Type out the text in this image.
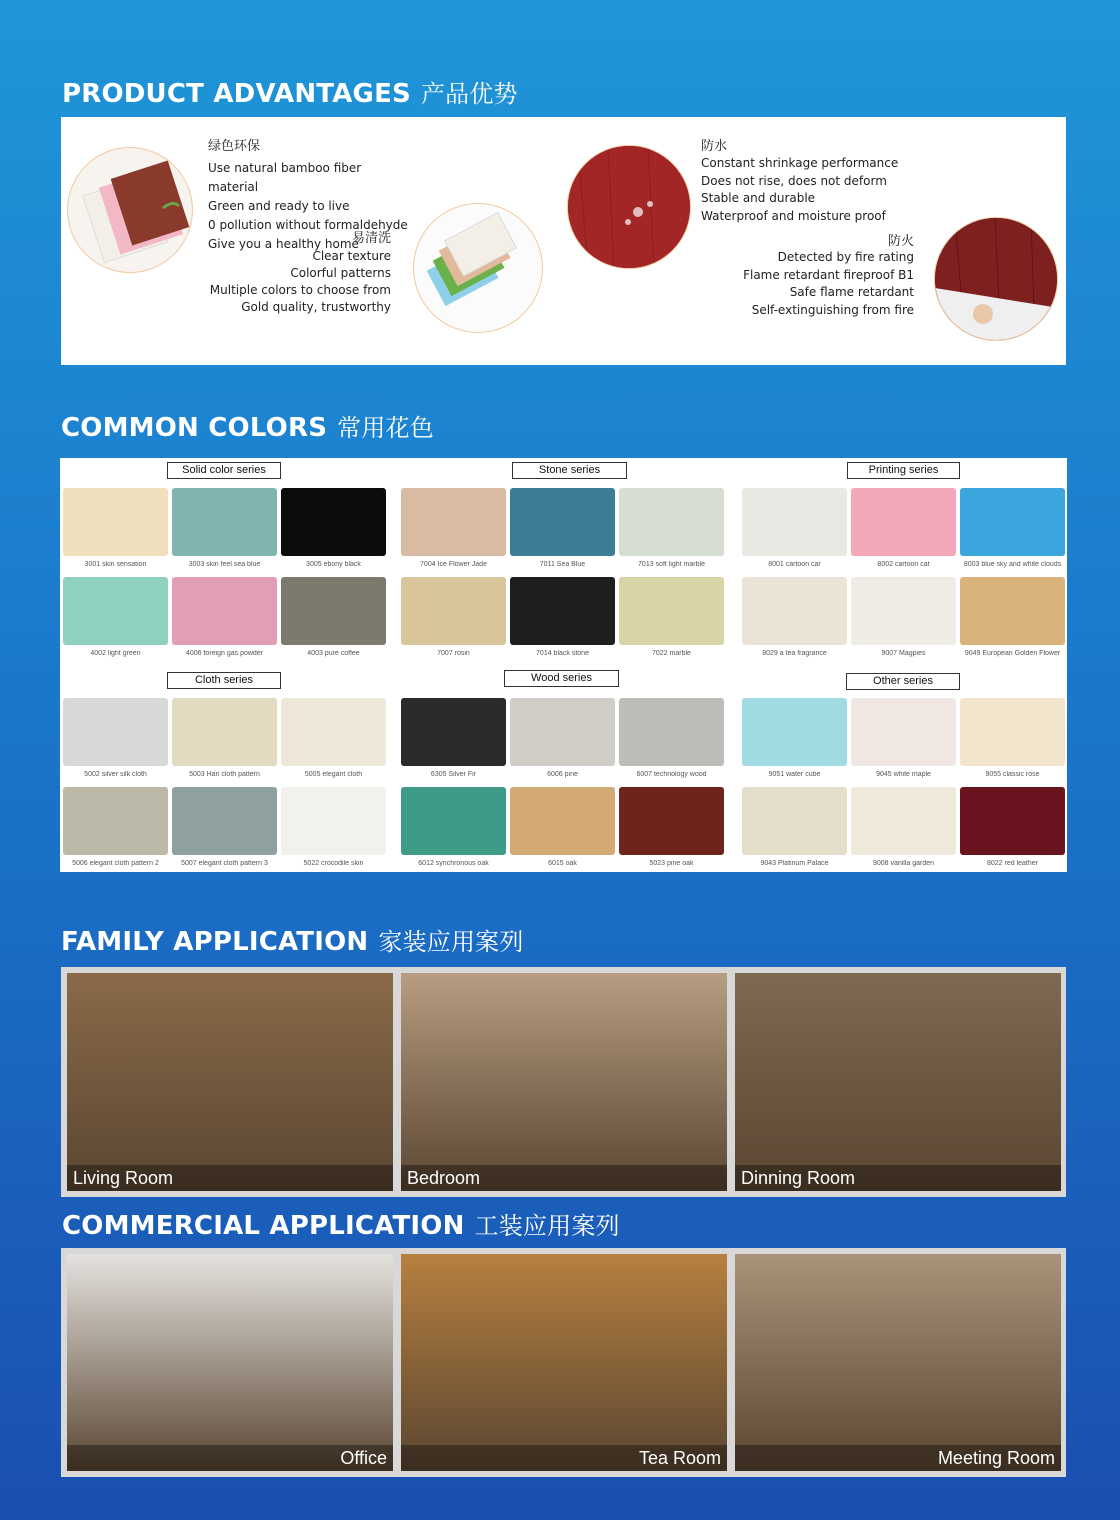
PRODUCT ADVANTAGES 产品优势
COMMON COLORS 常用花色
FAMILY APPLICATION 家装应用案列
COMMERCIAL APPLICATION 工装应用案列
绿色环保
Use natural bamboo fiber material
Green and ready to live
0 pollution without formaldehyde
Give you a healthy home
易清洗
Clear texture
Colorful patterns
Multiple colors to choose from
Gold quality, trustworthy
防水
Constant shrinkage performance
Does not rise, does not deform
Stable and durable
Waterproof and moisture proof
防火
Detected by fire rating
Flame retardant fireproof B1
Safe flame retardant
Self-extinguishing from fire
Solid color series	Stone series	Printing series
Cloth series	Wood series	Other series
3001 skin sensation	3003 skin feel sea blue	3005 ebony black	7004 Ice Flower Jade	7011 Sea Blue	7013 soft light marble	8001 cartoon car	8002 cartoon cat	8003 blue sky and white clouds
4002 light green	4006 foreign gas powder	4003 pure coffee	7007 rosin	7014 black stone	7022 marble	8029 a tea fragrance	9007 Magpies	9049 European Golden Flower
5002 silver silk cloth	5003 Han cloth pattern	5005 elegant cloth	6305 Silver Fir	6006 pine	6007 technology wood	9051 water cube	9045 white maple	9055 classic rose
5006 elegant cloth pattern 2	5007 elegant cloth pattern 3	5022 crocodile skin	6012 synchronous oak	6015 oak	5023 pine oak	9043 Platinum Palace	9008 vanilla garden	8022 red leather
Living Room	Bedroom	Dinning Room
Office	Tea Room	Meeting Room
